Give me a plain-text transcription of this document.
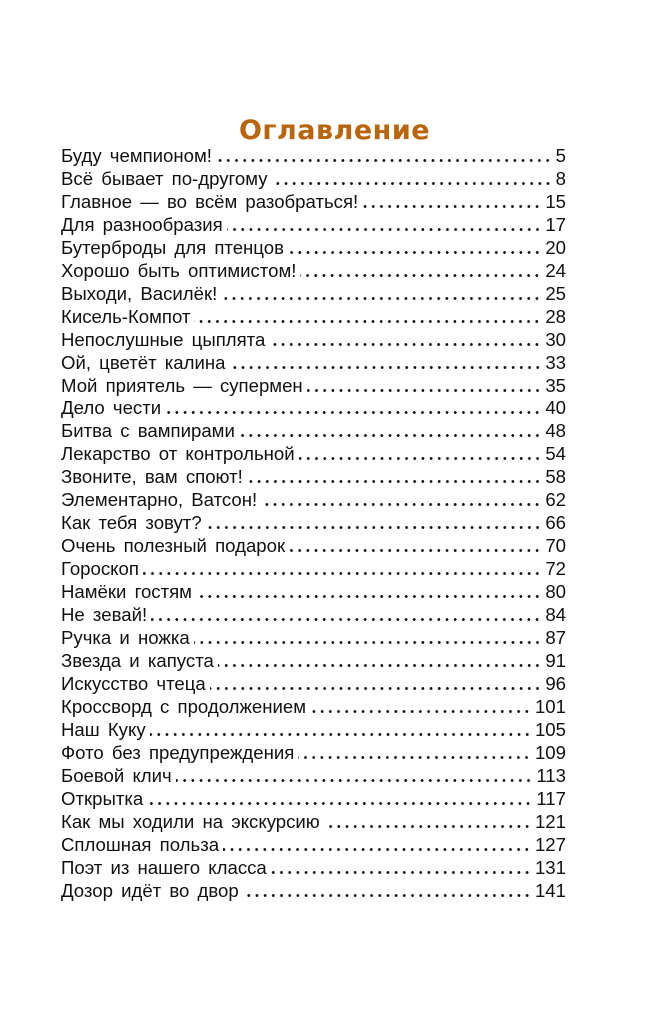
Оглавление
Буду чемпионом!	5
Всё бывает по-другому	8
Главное — во всём разобраться!	15
Для разнообразия	17
Бутерброды для птенцов	20
Хорошо быть оптимистом!	24
Выходи, Василёк!	25
Кисель-Компот	28
Непослушные цыплята	30
Ой, цветёт калина	33
Мой приятель — супермен	35
Дело чести	40
Битва с вампирами	48
Лекарство от контрольной	54
Звоните, вам споют!	58
Элементарно, Ватсон!	62
Как тебя зовут?	66
Очень полезный подарок	70
Гороскоп	72
Намёки гостям	80
Не зевай!	84
Ручка и ножка	87
Звезда и капуста	91
Искусство чтеца	96
Кроссворд с продолжением	101
Наш Куку	105
Фото без предупреждения	109
Боевой клич	113
Открытка	117
Как мы ходили на экскурсию	121
Сплошная польза	127
Поэт из нашего класса	131
Дозор идёт во двор	141
